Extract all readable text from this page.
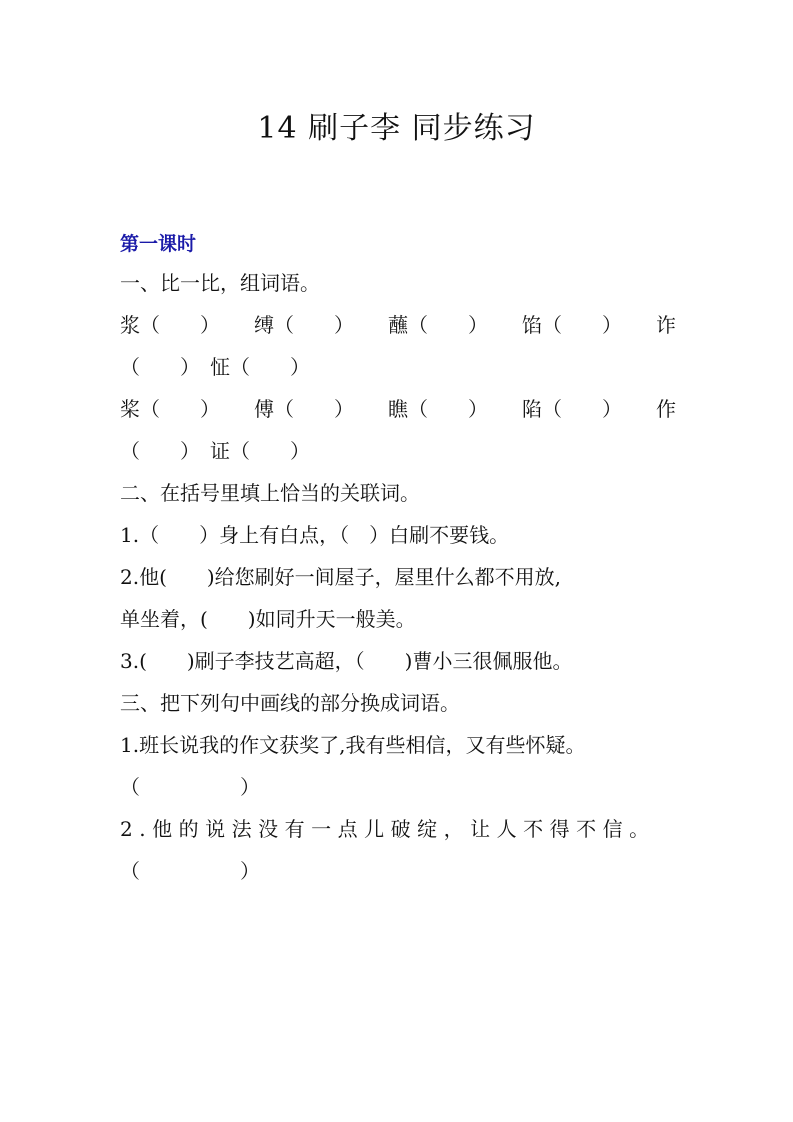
14 刷子李 同步练习
第一课时
一、比一比，组词语。
浆（　　） 缚（　　） 蘸（　　） 馅（　　） 诈
（　　）　怔（　　）
桨（　　） 傅（　　） 瞧（　　） 陷（　　） 作
（　　）　证（　　）
二、在括号里填上恰当的关联词。
1.（　　）身上有白点，（　）白刷不要钱。
2.他(　　)给您刷好一间屋子，屋里什么都不用放,
单坐着，(　　)如同升天一般美。
3.(　　)刷子李技艺高超，（　　)曹小三很佩服他。
三、把下列句中画线的部分换成词语。
1.班长说我的作文获奖了,我有些相信，又有些怀疑。
（　　　　　）
2.他的说法没有一点儿破绽，让人不得不信。
（　　　　　）
